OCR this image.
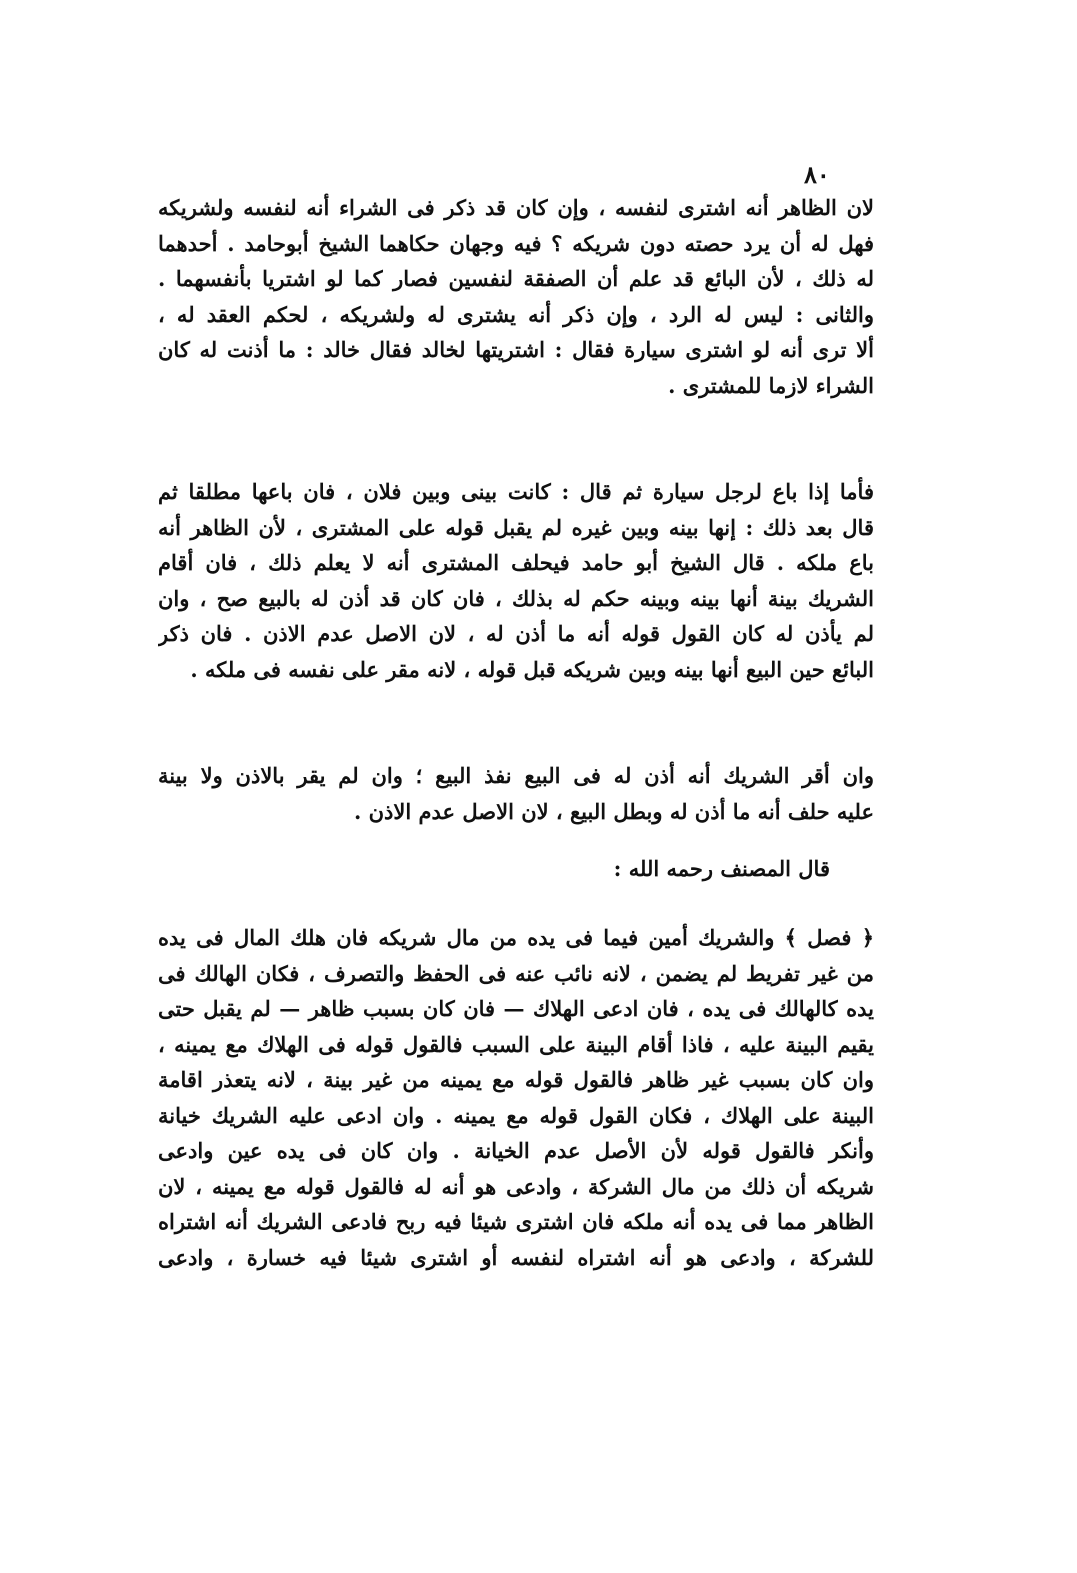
٨٠
لان الظاهر أنه اشترى لنفسه ، وإن كان قد ذكر فى الشراء أنه لنفسه ولشريكه
فهل له أن يرد حصته دون شريكه ؟ فيه وجهان حكاهما الشيخ أبوحامد . أحدهما
له ذلك ، لأن البائع قد علم أن الصفقة لنفسين فصار كما لو اشتريا بأنفسهما .
والثانى : ليس له الرد ، وإن ذكر أنه يشترى له ولشريكه ، لحكم العقد له ،
ألا ترى أنه لو اشترى سيارة فقال : اشتريتها لخالد فقال خالد : ما أذنت له كان
الشراء لازما للمشترى .
فأما إذا باع لرجل سيارة ثم قال : كانت بينى وبين فلان ، فان باعها مطلقا ثم
قال بعد ذلك : إنها بينه وبين غيره لم يقبل قوله على المشترى ، لأن الظاهر أنه
باع ملكه . قال الشيخ أبو حامد فيحلف المشترى أنه لا يعلم ذلك ، فان أقام
الشريك بينة أنها بينه وبينه حكم له بذلك ، فان كان قد أذن له بالبيع صح ، وان
لم يأذن له كان القول قوله أنه ما أذن له ، لان الاصل عدم الاذن . فان ذكر
البائع حين البيع أنها بينه وبين شريكه قبل قوله ، لانه مقر على نفسه فى ملكه .
وان أقر الشريك أنه أذن له فى البيع نفذ البيع ؛ وان لم يقر بالاذن ولا بينة
عليه حلف أنه ما أذن له وبطل البيع ، لان الاصل عدم الاذن .
قال المصنف رحمه الله :
﴿ فصل ﴾ والشريك أمين فيما فى يده من مال شريكه فان هلك المال فى يده
من غير تفريط لم يضمن ، لانه نائب عنه فى الحفظ والتصرف ، فكان الهالك فى
يده كالهالك فى يده ، فان ادعى الهلاك — فان كان بسبب ظاهر — لم يقبل حتى
يقيم البينة عليه ، فاذا أقام البينة على السبب فالقول قوله فى الهلاك مع يمينه ،
وان كان بسبب غير ظاهر فالقول قوله مع يمينه من غير بينة ، لانه يتعذر اقامة
البينة على الهلاك ، فكان القول قوله مع يمينه . وان ادعى عليه الشريك خيانة
وأنكر فالقول قوله لأن الأصل عدم الخيانة . وان كان فى يده عين وادعى
شريكه أن ذلك من مال الشركة ، وادعى هو أنه له فالقول قوله مع يمينه ، لان
الظاهر مما فى يده أنه ملكه فان اشترى شيئا فيه ربح فادعى الشريك أنه اشتراه
للشركة ، وادعى هو أنه اشتراه لنفسه أو اشترى شيئا فيه خسارة ، وادعى
